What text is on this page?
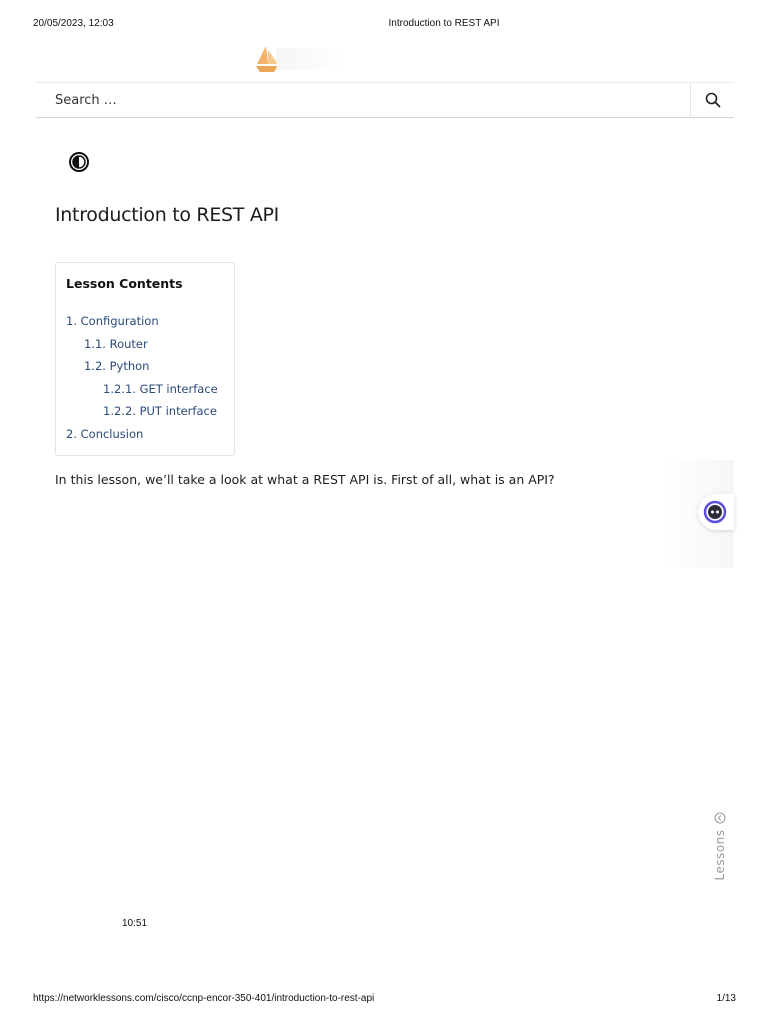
20/05/2023, 12:03	Introduction to REST API
Search …
Introduction to REST API
Lesson Contents
1. Configuration
1.1. Router
1.2. Python
1.2.1. GET interface
1.2.2. PUT interface
2. Conclusion

In this lesson, we’ll take a look at what a REST API is. First of all, what is an API?

Lessons
10:51
https://networklessons.com/cisco/ccnp-encor-350-401/introduction-to-rest-api	1/13
